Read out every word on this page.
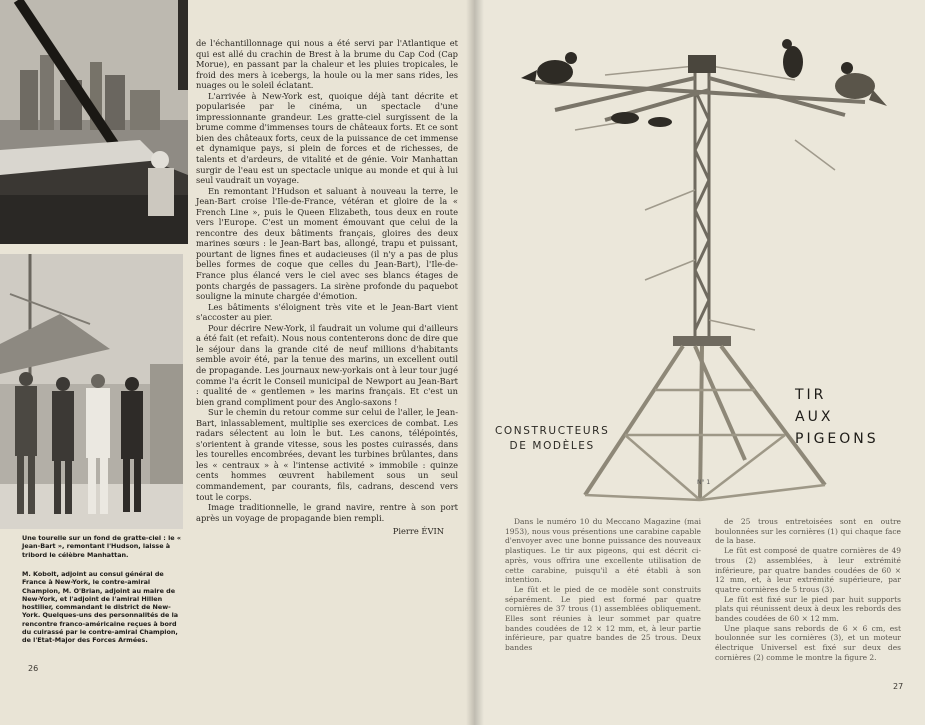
Une tourelle sur un fond de gratte-ciel : le « Jean-Bart », remontant l'Hudson, laisse à tribord le célèbre Manhattan.

M. Kobolt, adjoint au consul général de France à New-York, le contre-amiral Champion, M. O'Brian, adjoint au maire de New-York, et l'adjoint de l'amiral Hillen hostilier, commandant le district de New-York. Quelques-uns des personnalités de la rencontre franco-américaine reçues à bord du cuirassé par le contre-amiral Champion, de l'Etat-Major des Forces Armées.

de l'échantillonnage qui nous a été servi par l'Atlantique et qui est allé du crachin de Brest à la brume du Cap Cod (Cap Morue), en passant par la chaleur et les pluies tropicales, le froid des mers à icebergs, la houle ou la mer sans rides, les nuages ou le soleil éclatant.

L'arrivée à New-York est, quoique déjà tant décrite et popularisée par le cinéma, un spectacle d'une impressionnante grandeur. Les gratte-ciel surgissent de la brume comme d'immenses tours de châteaux forts. Et ce sont bien des châteaux forts, ceux de la puissance de cet immense et dynamique pays, si plein de forces et de richesses, de talents et d'ardeurs, de vitalité et de génie. Voir Manhattan surgir de l'eau est un spectacle unique au monde et qui à lui seul vaudrait un voyage.

En remontant l'Hudson et saluant à nouveau la terre, le Jean-Bart croise l'Ile-de-France, vétéran et gloire de la « French Line », puis le Queen Elizabeth, tous deux en route vers l'Europe. C'est un moment émouvant que celui de la rencontre des deux bâtiments français, gloires des deux marines sœurs : le Jean-Bart bas, allongé, trapu et puissant, pourtant de lignes fines et audacieuses (il n'y a pas de plus belles formes de coque que celles du Jean-Bart), l'Ile-de-France plus élancé vers le ciel avec ses blancs étages de ponts chargés de passagers. La sirène profonde du paquebot souligne la minute chargée d'émotion.

Les bâtiments s'éloignent très vite et le Jean-Bart vient s'accoster au pier.

Pour décrire New-York, il faudrait un volume qui d'ailleurs a été fait (et refait). Nous nous contenterons donc de dire que le séjour dans la grande cité de neuf millions d'habitants semble avoir été, par la tenue des marins, un excellent outil de propagande. Les journaux new-yorkais ont à leur tour jugé comme l'a écrit le Conseil municipal de Newport au Jean-Bart : qualité de « gentlemen » les marins français. Et c'est un bien grand compliment pour des Anglo-saxons !

Sur le chemin du retour comme sur celui de l'aller, le Jean-Bart, inlassablement, multiplie ses exercices de combat. Les radars sélectent au loin le but. Les canons, télépointés, s'orientent à grande vitesse, sous les postes cuirassés, dans les tourelles encombrées, devant les turbines brûlantes, dans les « centraux » à « l'intense activité » immobile : quinze cents hommes œuvrent habilement sous un seul commandement, par courants, fils, cadrans, descend vers tout le corps.

Image traditionnelle, le grand navire, rentre à son port après un voyage de propagande bien rempli.

Pierre ÉVIN

26
N° 1
CONSTRUCTEURS
DE MODÈLES
TIR
AUX
PIGEONS

Dans le numéro 10 du Meccano Magazine (mai 1953), nous vous présentions une carabine capable d'envoyer avec une bonne puissance des nouveaux plastiques. Le tir aux pigeons, qui est décrit ci-après, vous offrira une excellente utilisation de cette carabine, puisqu'il a été établi à son intention.

Le fût et le pied de ce modèle sont construits séparément. Le pied est formé par quatre cornières de 37 trous (1) assemblées obliquement. Elles sont réunies à leur sommet par quatre bandes coudées de 12 × 12 mm, et, à leur partie inférieure, par quatre bandes de 25 trous. Deux bandes

de 25 trous entretoisées sont en outre boulonnées sur les cornières (1) qui chaque face de la base.

Le fût est composé de quatre cornières de 49 trous (2) assemblées, à leur extrémité inférieure, par quatre bandes coudées de 60 × 12 mm, et, à leur extrémité supérieure, par quatre cornières de 5 trous (3).

Le fût est fixé sur le pied par huit supports plats qui réunissent deux à deux les rebords des bandes coudées de 60 × 12 mm.

Une plaque sans rebords de 6 × 6 cm, est boulonnée sur les cornières (3), et un moteur électrique Universel est fixé sur deux des cornières (2) comme le montre la figure 2.

27
